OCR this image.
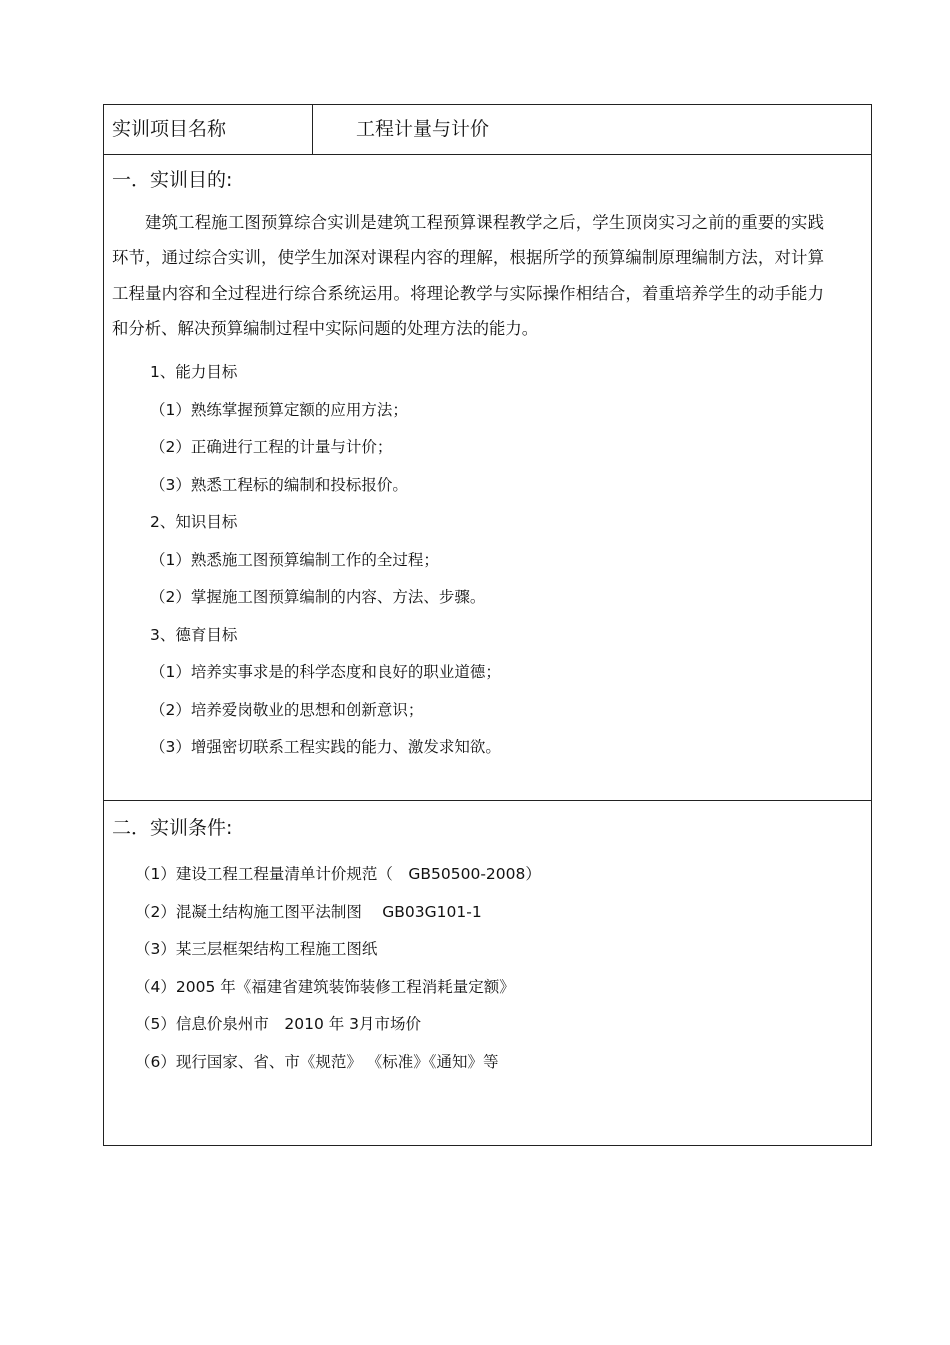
实训项目名称	工程计量与计价
一．实训目的:

建筑工程施工图预算综合实训是建筑工程预算课程教学之后，学生顶岗实习之前的重要的实践环节，通过综合实训，使学生加深对课程内容的理解，根据所学的预算编制原理编制方法，对计算工程量内容和全过程进行综合系统运用。将理论教学与实际操作相结合，着重培养学生的动手能力和分析、解决预算编制过程中实际问题的处理方法的能力。

1、能力目标
（1）熟练掌握预算定额的应用方法；
（2）正确进行工程的计量与计价；
（3）熟悉工程标的编制和投标报价。
2、知识目标
（1）熟悉施工图预算编制工作的全过程；
（2）掌握施工图预算编制的内容、方法、步骤。
3、德育目标
（1）培养实事求是的科学态度和良好的职业道德；
（2）培养爱岗敬业的思想和创新意识；
（3）增强密切联系工程实践的能力、激发求知欲。
二．实训条件:
（1）建设工程工程量清单计价规范（　GB50500-2008）
（2）混凝土结构施工图平法制图　 GB03G101-1
（3）某三层框架结构工程施工图纸
（4）2005 年《福建省建筑装饰装修工程消耗量定额》
（5）信息价泉州市　2010 年 3月市场价
（6）现行国家、省、市《规范》 《标准》《通知》等
